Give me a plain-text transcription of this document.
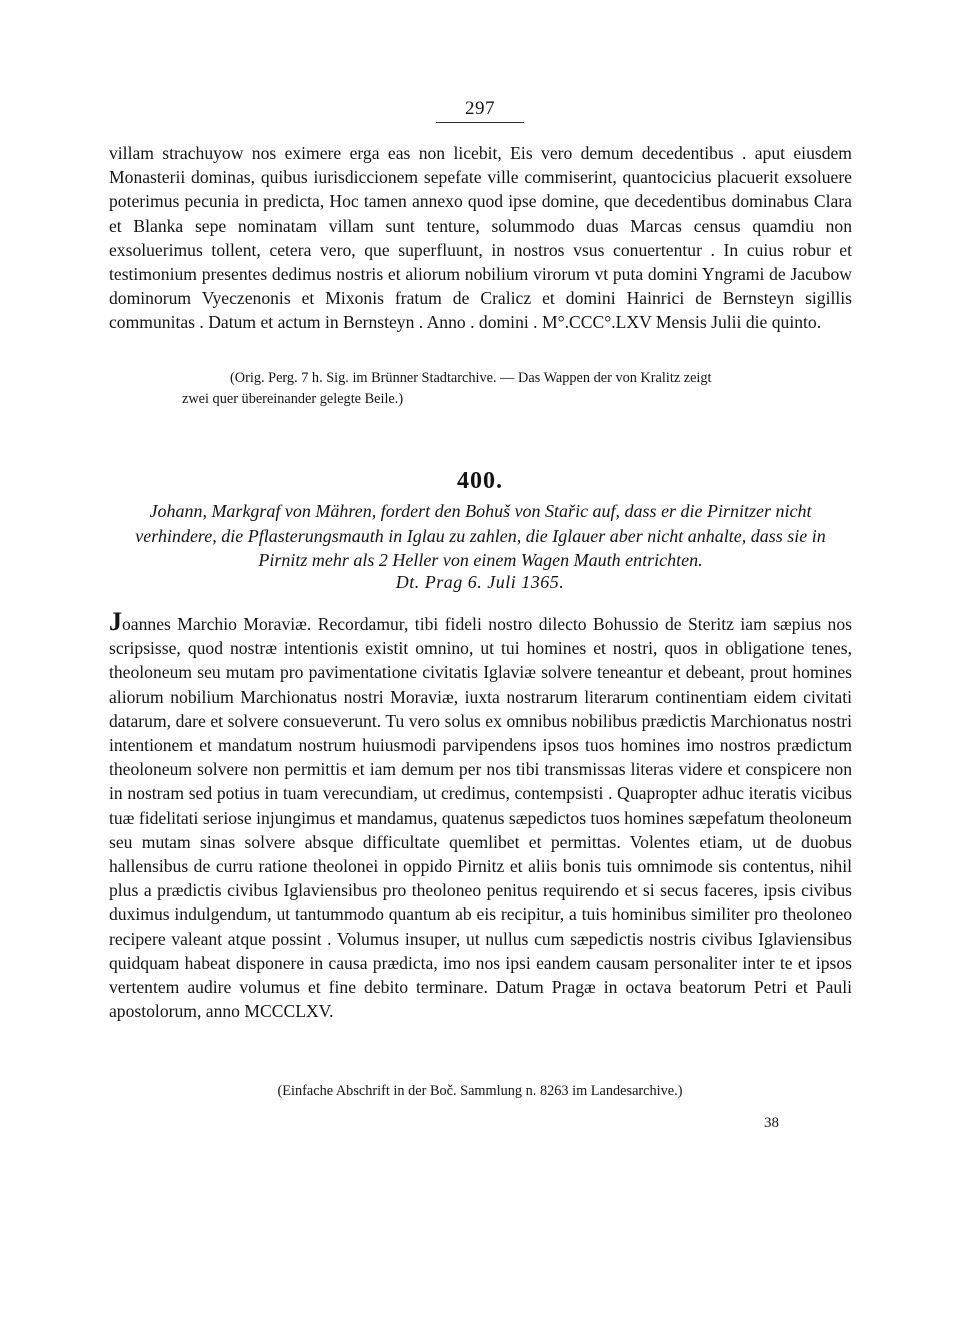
297

villam strachuyow nos eximere erga eas non licebit, Eis vero demum decedentibus . aput eiusdem Monasterii dominas, quibus iurisdiccionem sepefate ville commiserint, quantocicius placuerit exsoluere poterimus pecunia in predicta, Hoc tamen annexo quod ipse domine, que decedentibus dominabus Clara et Blanka sepe nominatam villam sunt tenture, solummodo duas Marcas census quamdiu non exsoluerimus tollent, cetera vero, que superfluunt, in nostros vsus conuertentur . In cuius robur et testimonium presentes dedimus nostris et aliorum nobilium virorum vt puta domini Yngrami de Jacubow dominorum Vyeczenonis et Mixonis fratum de Cralicz et domini Hainrici de Bernsteyn sigillis communitas . Datum et actum in Bernsteyn . Anno . domini . M°.CCC°.LXV Mensis Julii die quinto.

(Orig. Perg. 7 h. Sig. im Brünner Stadtarchive. — Das Wappen der von Kralitz zeigt
zwei quer übereinander gelegte Beile.)
400.

Johann, Markgraf von Mähren, fordert den Bohuš von Stařic auf, dass er die Pirnitzer nicht verhindere, die Pflasterungsmauth in Iglau zu zahlen, die Iglauer aber nicht anhalte, dass sie in Pirnitz mehr als 2 Heller von einem Wagen Mauth entrichten.

Dt. Prag 6. Juli 1365.

Joannes Marchio Moraviæ. Recordamur, tibi fideli nostro dilecto Bohussio de Steritz iam sæpius nos scripsisse, quod nostræ intentionis existit omnino, ut tui homines et nostri, quos in obligatione tenes, theoloneum seu mutam pro pavimentatione civitatis Iglaviæ solvere teneantur et debeant, prout homines aliorum nobilium Marchionatus nostri Moraviæ, iuxta nostrarum literarum continentiam eidem civitati datarum, dare et solvere consueverunt. Tu vero solus ex omnibus nobilibus prædictis Marchionatus nostri intentionem et mandatum nostrum huiusmodi parvipendens ipsos tuos homines imo nostros prædictum theoloneum solvere non permittis et iam demum per nos tibi transmissas literas videre et conspicere non in nostram sed potius in tuam verecundiam, ut credimus, contempsisti . Quapropter adhuc iteratis vicibus tuæ fidelitati seriose injungimus et mandamus, quatenus sæpedictos tuos homines sæpefatum theoloneum seu mutam sinas solvere absque difficultate quemlibet et permittas. Volentes etiam, ut de duobus hallensibus de curru ratione theolonei in oppido Pirnitz et aliis bonis tuis omnimode sis contentus, nihil plus a prædictis civibus Iglaviensibus pro theoloneo penitus requirendo et si secus faceres, ipsis civibus duximus indulgendum, ut tantummodo quantum ab eis recipitur, a tuis hominibus similiter pro theoloneo recipere valeant atque possint . Volumus insuper, ut nullus cum sæpedictis nostris civibus Iglaviensibus quidquam habeat disponere in causa prædicta, imo nos ipsi eandem causam personaliter inter te et ipsos vertentem audire volumus et fine debito terminare. Datum Pragæ in octava beatorum Petri et Pauli apostolorum, anno MCCCLXV.

(Einfache Abschrift in der Boč. Sammlung n. 8263 im Landesarchive.)
38
